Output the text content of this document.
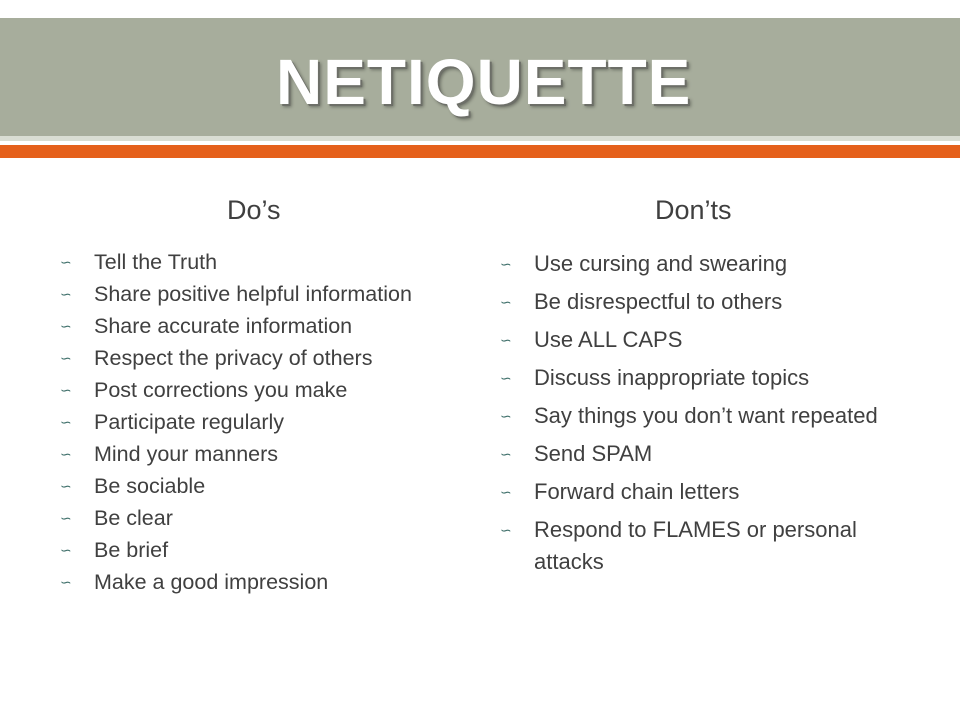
NETIQUETTE
Do’s	Don’ts
∽	Tell the Truth
∽	Share positive helpful information
∽	Share accurate information
∽	Respect the privacy of others
∽	Post corrections you make
∽	Participate regularly
∽	Mind your manners
∽	Be sociable
∽	Be clear
∽	Be brief
∽	Make a good impression
∽	Use cursing and swearing
∽	Be disrespectful to others
∽	Use ALL CAPS
∽	Discuss inappropriate topics
∽	Say things you don’t want repeated
∽	Send SPAM
∽	Forward chain letters
∽	Respond to FLAMES or personal attacks
